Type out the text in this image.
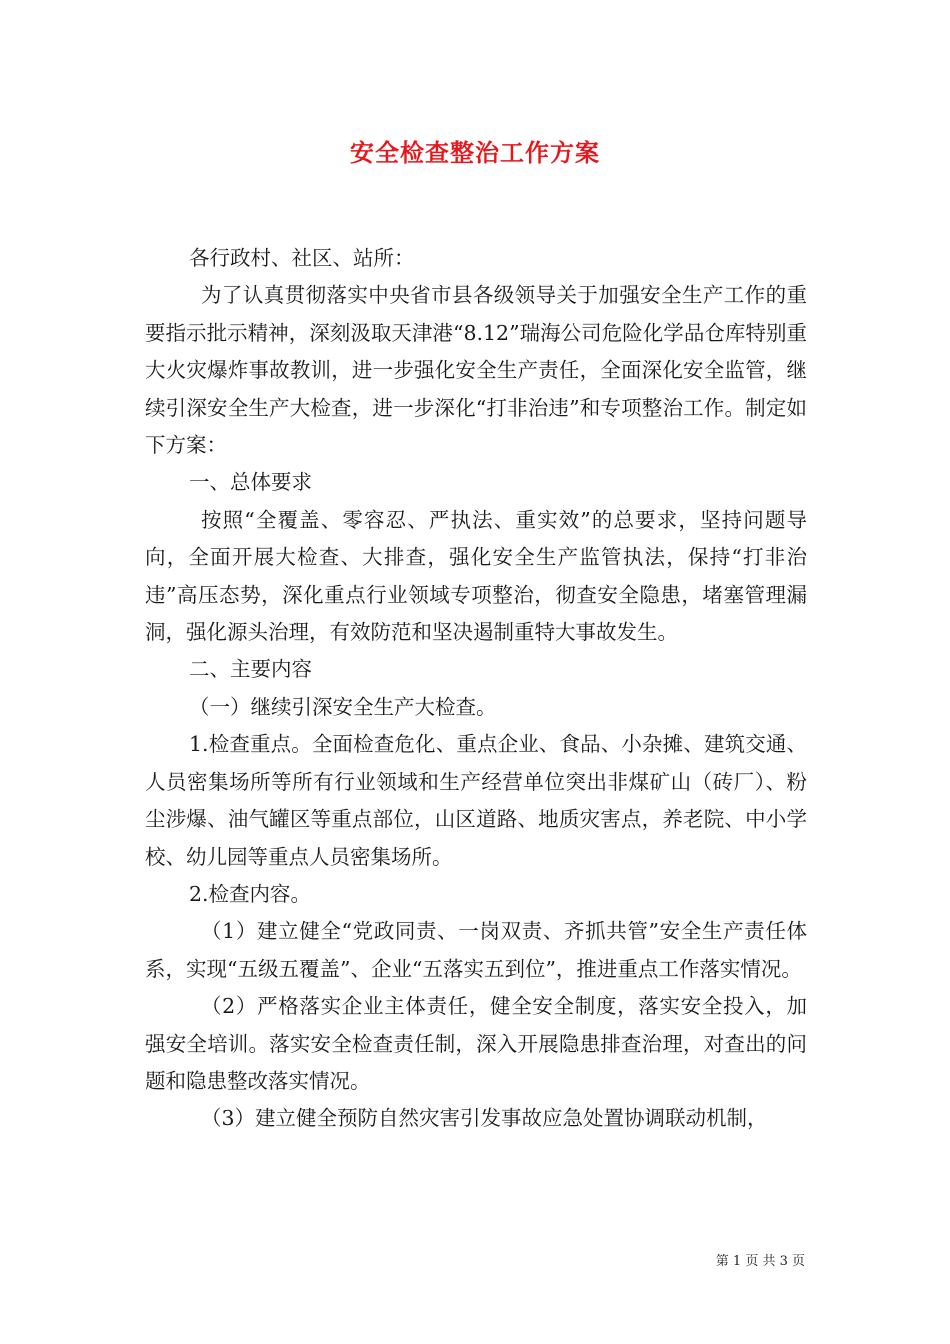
安全检查整治工作方案

各行政村、社区、站所：

为了认真贯彻落实中央省市县各级领导关于加强安全生产工作的重要指示批示精神，深刻汲取天津港“8.12”瑞海公司危险化学品仓库特别重大火灾爆炸事故教训，进一步强化安全生产责任，全面深化安全监管，继续引深安全生产大检查，进一步深化“打非治违”和专项整治工作。制定如下方案：

一、总体要求

按照“全覆盖、零容忍、严执法、重实效”的总要求，坚持问题导向，全面开展大检查、大排查，强化安全生产监管执法，保持“打非治违”高压态势，深化重点行业领域专项整治，彻查安全隐患，堵塞管理漏洞，强化源头治理，有效防范和坚决遏制重特大事故发生。

二、主要内容

（一）继续引深安全生产大检查。

1.检查重点。全面检查危化、重点企业、食品、小杂摊、建筑交通、人员密集场所等所有行业领域和生产经营单位突出非煤矿山（砖厂）、粉尘涉爆、油气罐区等重点部位，山区道路、地质灾害点，养老院、中小学校、幼儿园等重点人员密集场所。

2.检查内容。

（1）建立健全“党政同责、一岗双责、齐抓共管”安全生产责任体系，实现“五级五覆盖”、企业“五落实五到位”，推进重点工作落实情况。

（2）严格落实企业主体责任，健全安全制度，落实安全投入，加强安全培训。落实安全检查责任制，深入开展隐患排查治理，对查出的问题和隐患整改落实情况。

（3）建立健全预防自然灾害引发事故应急处置协调联动机制，

第 1 页 共 3 页
